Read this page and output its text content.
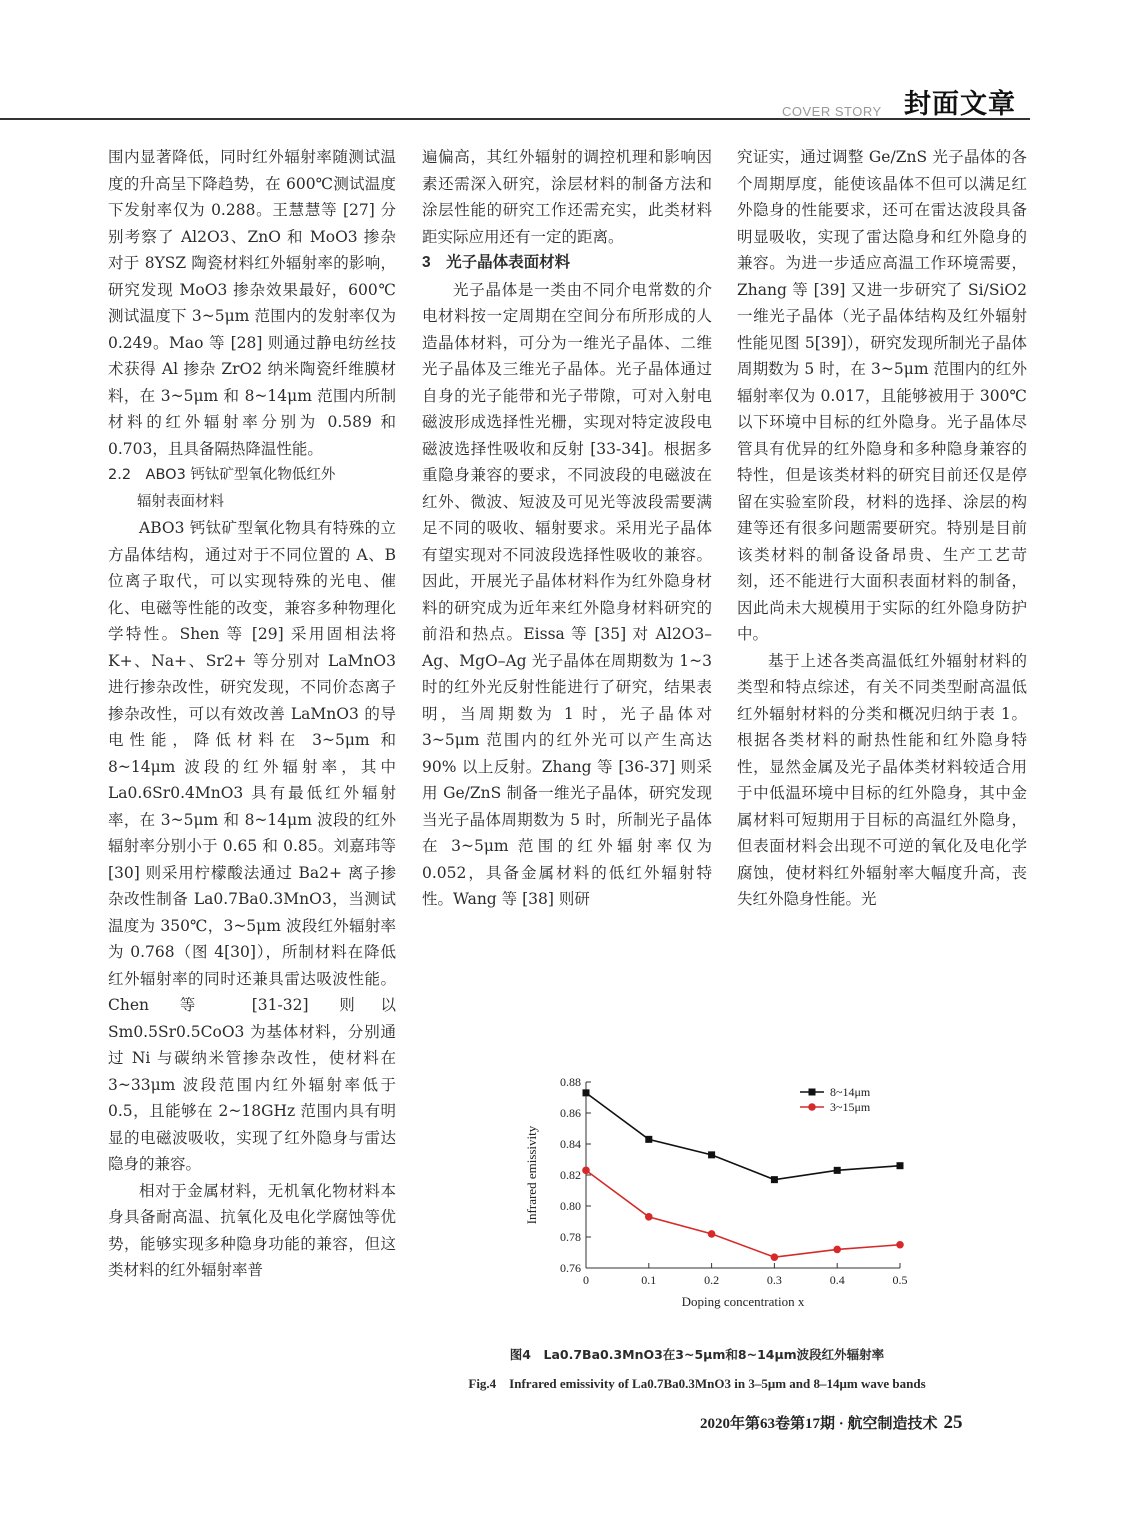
COVER STORY 封面文章

围内显著降低，同时红外辐射率随测试温度的升高呈下降趋势，在 600℃测试温度下发射率仅为 0.288。王慧慧等 [27] 分别考察了 Al2O3、ZnO 和 MoO3 掺杂对于 8YSZ 陶瓷材料红外辐射率的影响，研究发现 MoO3 掺杂效果最好，600℃测试温度下 3~5μm 范围内的发射率仅为 0.249。Mao 等 [28] 则通过静电纺丝技术获得 Al 掺杂 ZrO2 纳米陶瓷纤维膜材料，在 3~5μm 和 8~14μm 范围内所制材料的红外辐射率分别为 0.589 和 0.703，且具备隔热降温性能。

2.2　ABO3 钙钛矿型氧化物低红外

辐射表面材料

ABO3 钙钛矿型氧化物具有特殊的立方晶体结构，通过对于不同位置的 A、B 位离子取代，可以实现特殊的光电、催化、电磁等性能的改变，兼容多种物理化学特性。Shen 等 [29] 采用固相法将 K+、Na+、Sr2+ 等分别对 LaMnO3 进行掺杂改性，研究发现，不同价态离子掺杂改性，可以有效改善 LaMnO3 的导电性能，降低材料在 3~5μm 和 8~14μm 波段的红外辐射率，其中 La0.6Sr0.4MnO3 具有最低红外辐射率，在 3~5μm 和 8~14μm 波段的红外辐射率分别小于 0.65 和 0.85。刘嘉玮等 [30] 则采用柠檬酸法通过 Ba2+ 离子掺杂改性制备 La0.7Ba0.3MnO3，当测试温度为 350℃，3~5μm 波段红外辐射率为 0.768（图 4[30]），所制材料在降低红外辐射率的同时还兼具雷达吸波性能。Chen 等 [31-32] 则以 Sm0.5Sr0.5CoO3 为基体材料，分别通过 Ni 与碳纳米管掺杂改性，使材料在 3~33μm 波段范围内红外辐射率低于 0.5，且能够在 2~18GHz 范围内具有明显的电磁波吸收，实现了红外隐身与雷达隐身的兼容。

相对于金属材料，无机氧化物材料本身具备耐高温、抗氧化及电化学腐蚀等优势，能够实现多种隐身功能的兼容，但这类材料的红外辐射率普

遍偏高，其红外辐射的调控机理和影响因素还需深入研究，涂层材料的制备方法和涂层性能的研究工作还需充实，此类材料距实际应用还有一定的距离。

3　光子晶体表面材料

光子晶体是一类由不同介电常数的介电材料按一定周期在空间分布所形成的人造晶体材料，可分为一维光子晶体、二维光子晶体及三维光子晶体。光子晶体通过自身的光子能带和光子带隙，可对入射电磁波形成选择性光栅，实现对特定波段电磁波选择性吸收和反射 [33-34]。根据多重隐身兼容的要求，不同波段的电磁波在红外、微波、短波及可见光等波段需要满足不同的吸收、辐射要求。采用光子晶体有望实现对不同波段选择性吸收的兼容。因此，开展光子晶体材料作为红外隐身材料的研究成为近年来红外隐身材料研究的前沿和热点。Eissa 等 [35] 对 Al2O3–Ag、MgO–Ag 光子晶体在周期数为 1~3 时的红外光反射性能进行了研究，结果表明，当周期数为 1 时，光子晶体对 3~5μm 范围内的红外光可以产生高达 90% 以上反射。Zhang 等 [36-37] 则采用 Ge/ZnS 制备一维光子晶体，研究发现当光子晶体周期数为 5 时，所制光子晶体在 3~5μm 范围的红外辐射率仅为 0.052，具备金属材料的低红外辐射特性。Wang 等 [38] 则研

究证实，通过调整 Ge/ZnS 光子晶体的各个周期厚度，能使该晶体不但可以满足红外隐身的性能要求，还可在雷达波段具备明显吸收，实现了雷达隐身和红外隐身的兼容。为进一步适应高温工作环境需要，Zhang 等 [39] 又进一步研究了 Si/SiO2 一维光子晶体（光子晶体结构及红外辐射性能见图 5[39]），研究发现所制光子晶体周期数为 5 时，在 3~5μm 范围内的红外辐射率仅为 0.017，且能够被用于 300℃ 以下环境中目标的红外隐身。光子晶体尽管具有优异的红外隐身和多种隐身兼容的特性，但是该类材料的研究目前还仅是停留在实验室阶段，材料的选择、涂层的构建等还有很多问题需要研究。特别是目前该类材料的制备设备昂贵、生产工艺苛刻，还不能进行大面积表面材料的制备，因此尚未大规模用于实际的红外隐身防护中。

基于上述各类高温低红外辐射材料的类型和特点综述，有关不同类型耐高温低红外辐射材料的分类和概况归纳于表 1。根据各类材料的耐热性能和红外隐身特性，显然金属及光子晶体类材料较适合用于中低温环境中目标的红外隐身，其中金属材料可短期用于目标的高温红外隐身，但表面材料会出现不可逆的氧化及电化学腐蚀，使材料红外辐射率大幅度升高，丧失红外隐身性能。光

0.76
0.78
0.80
0.82
0.84
0.86
0.88
0	0.1	0.2	0.3	0.4	0.5
Doping concentration x
Infrared emissivity
8~14μm
3~15μm
图4　La0.7Ba0.3MnO3在3~5μm和8~14μm波段红外辐射率
Fig.4　Infrared emissivity of La0.7Ba0.3MnO3 in 3–5μm and 8–14μm wave bands
2020年第63卷第17期 · 航空制造技术 25
